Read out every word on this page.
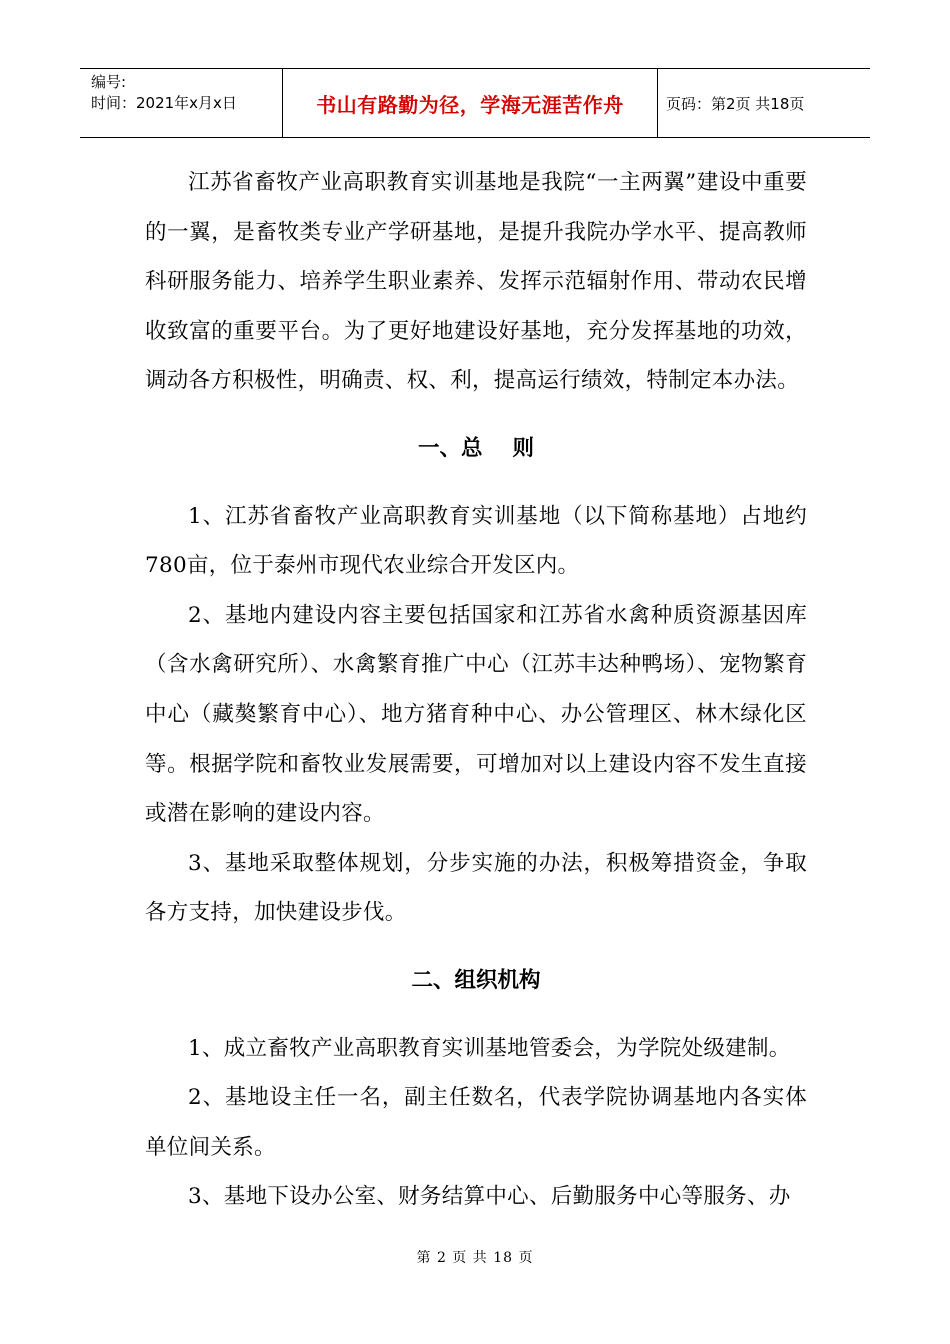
编号:
时间：2021年x月x日	书山有路勤为径，学海无涯苦作舟	页码：第2页 共18页

江苏省畜牧产业高职教育实训基地是我院“一主两翼”建设中重要的一翼，是畜牧类专业产学研基地，是提升我院办学水平、提高教师科研服务能力、培养学生职业素养、发挥示范辐射作用、带动农民增收致富的重要平台。为了更好地建设好基地，充分发挥基地的功效，调动各方积极性，明确责、权、利，提高运行绩效，特制定本办法。

一、总    则

1、江苏省畜牧产业高职教育实训基地（以下简称基地）占地约780亩，位于泰州市现代农业综合开发区内。

2、基地内建设内容主要包括国家和江苏省水禽种质资源基因库（含水禽研究所）、水禽繁育推广中心（江苏丰达种鸭场）、宠物繁育中心（藏獒繁育中心）、地方猪育种中心、办公管理区、林木绿化区等。根据学院和畜牧业发展需要，可增加对以上建设内容不发生直接或潜在影响的建设内容。

3、基地采取整体规划，分步实施的办法，积极筹措资金，争取各方支持，加快建设步伐。

二、组织机构

1、成立畜牧产业高职教育实训基地管委会，为学院处级建制。

2、基地设主任一名，副主任数名，代表学院协调基地内各实体单位间关系。

3、基地下设办公室、财务结算中心、后勤服务中心等服务、办

第 2 页 共 18 页
